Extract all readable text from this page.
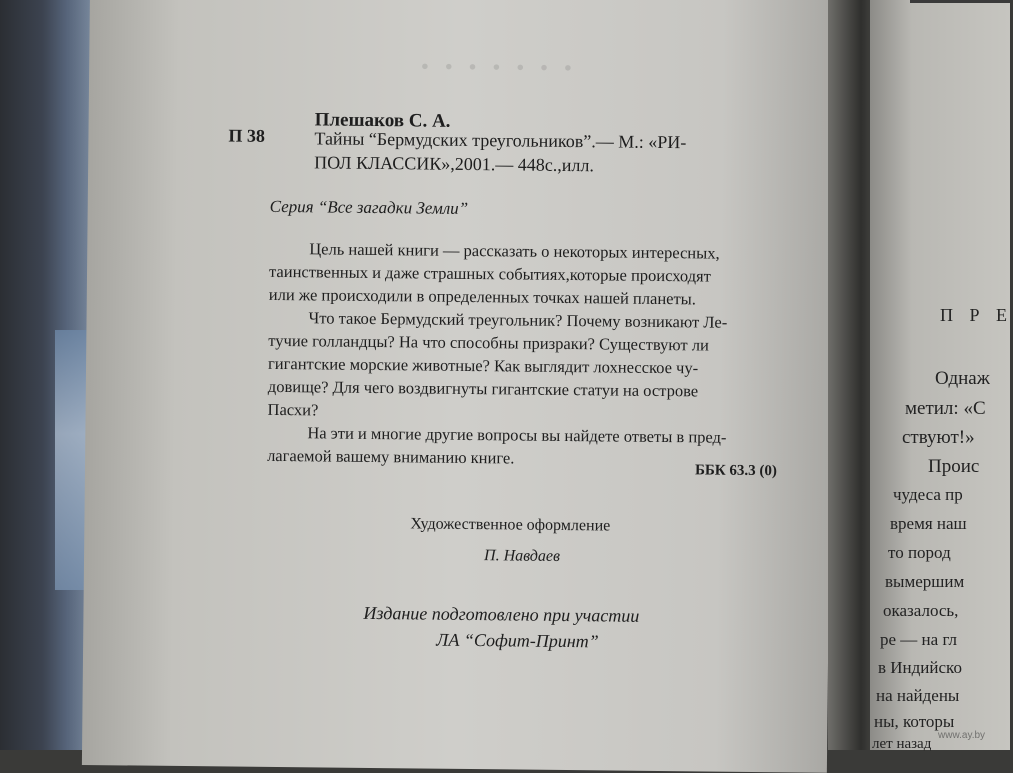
· · · · · · ·
Плешаков С. А.
П 38	Тайны “Бермудских треугольников”.— М.: «РИ-
ПОЛ КЛАССИК»,2001.— 448с.,илл.
Серия “Все загадки Земли”
Цель нашей книги — рассказать о некоторых интересных,
таинственных и даже страшных событиях,которые происходят
или же происходили в определенных точках нашей планеты.
Что такое Бермудский треугольник? Почему возникают Ле-
тучие голландцы? На что способны призраки? Существуют ли
гигантские морские животные? Как выглядит лохнесское чу-
довище? Для чего воздвигнуты гигантские статуи на острове
Пасхи?
На эти и многие другие вопросы вы найдете ответы в пред-
лагаемой вашему вниманию книге.
ББК 63.3 (0)
Художественное оформление
П. Навдаев
Издание подготовлено при участии
ЛА “Софит-Принт”
П Р Е
Однаж
метил: «С
ствуют!»
Проис
чудеса пр
время наш
то пород
вымершим
оказалось,
ре — на гл
в Индийско
на найдены
ны, которы
лет назад
www.ay.by
